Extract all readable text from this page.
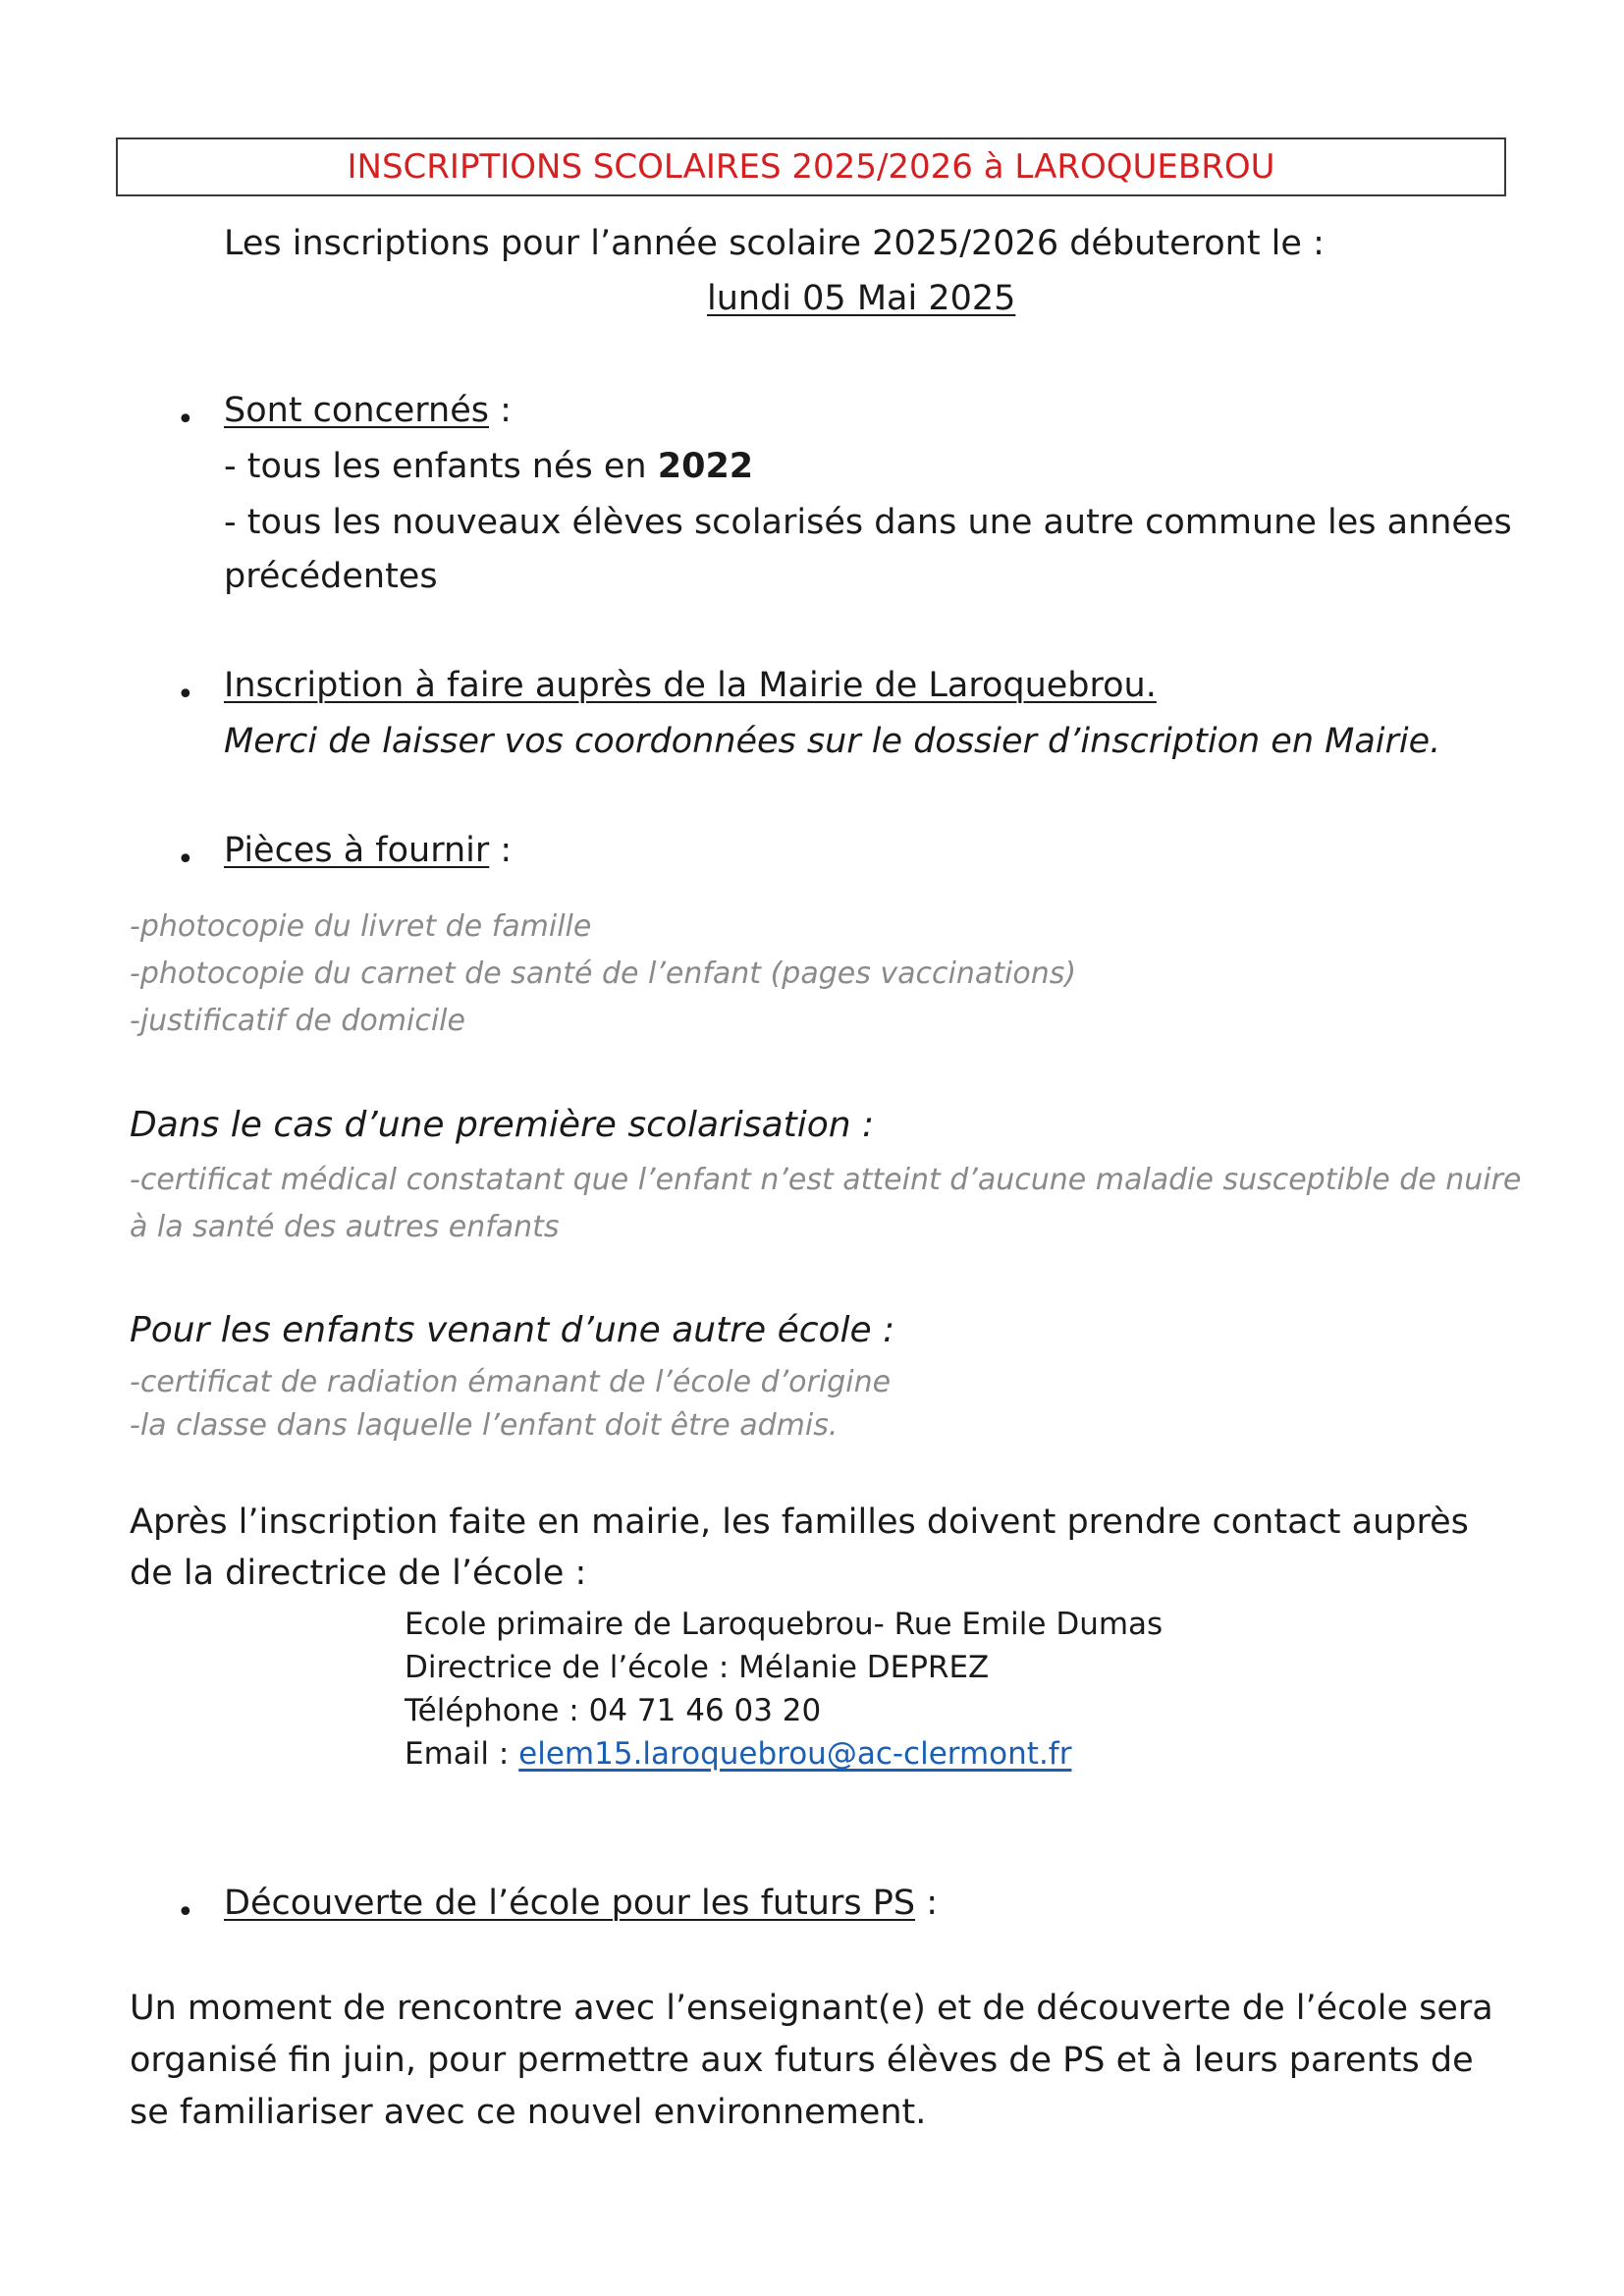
INSCRIPTIONS SCOLAIRES 2025/2026 à LAROQUEBROU
Les inscriptions pour l’année scolaire 2025/2026 débuteront le :
lundi 05 Mai 2025
• Sont concernés :
- tous les enfants nés en 2022
- tous les nouveaux élèves scolarisés dans une autre commune les années
précédentes
• Inscription à faire auprès de la Mairie de Laroquebrou.
Merci de laisser vos coordonnées sur le dossier d’inscription en Mairie.
• Pièces à fournir :
-photocopie du livret de famille
-photocopie du carnet de santé de l’enfant (pages vaccinations)
-justificatif de domicile
Dans le cas d’une première scolarisation :
-certificat médical constatant que l’enfant n’est atteint d’aucune maladie susceptible de nuire
à la santé des autres enfants
Pour les enfants venant d’une autre école :
-certificat de radiation émanant de l’école d’origine
-la classe dans laquelle l’enfant doit être admis.
Après l’inscription faite en mairie, les familles doivent prendre contact auprès
de la directrice de l’école :
Ecole primaire de Laroquebrou- Rue Emile Dumas
Directrice de l’école : Mélanie DEPREZ
Téléphone : 04 71 46 03 20
Email : elem15.laroquebrou@ac-clermont.fr
• Découverte de l’école pour les futurs PS :
Un moment de rencontre avec l’enseignant(e) et de découverte de l’école sera
organisé fin juin, pour permettre aux futurs élèves de PS et à leurs parents de
se familiariser avec ce nouvel environnement.
